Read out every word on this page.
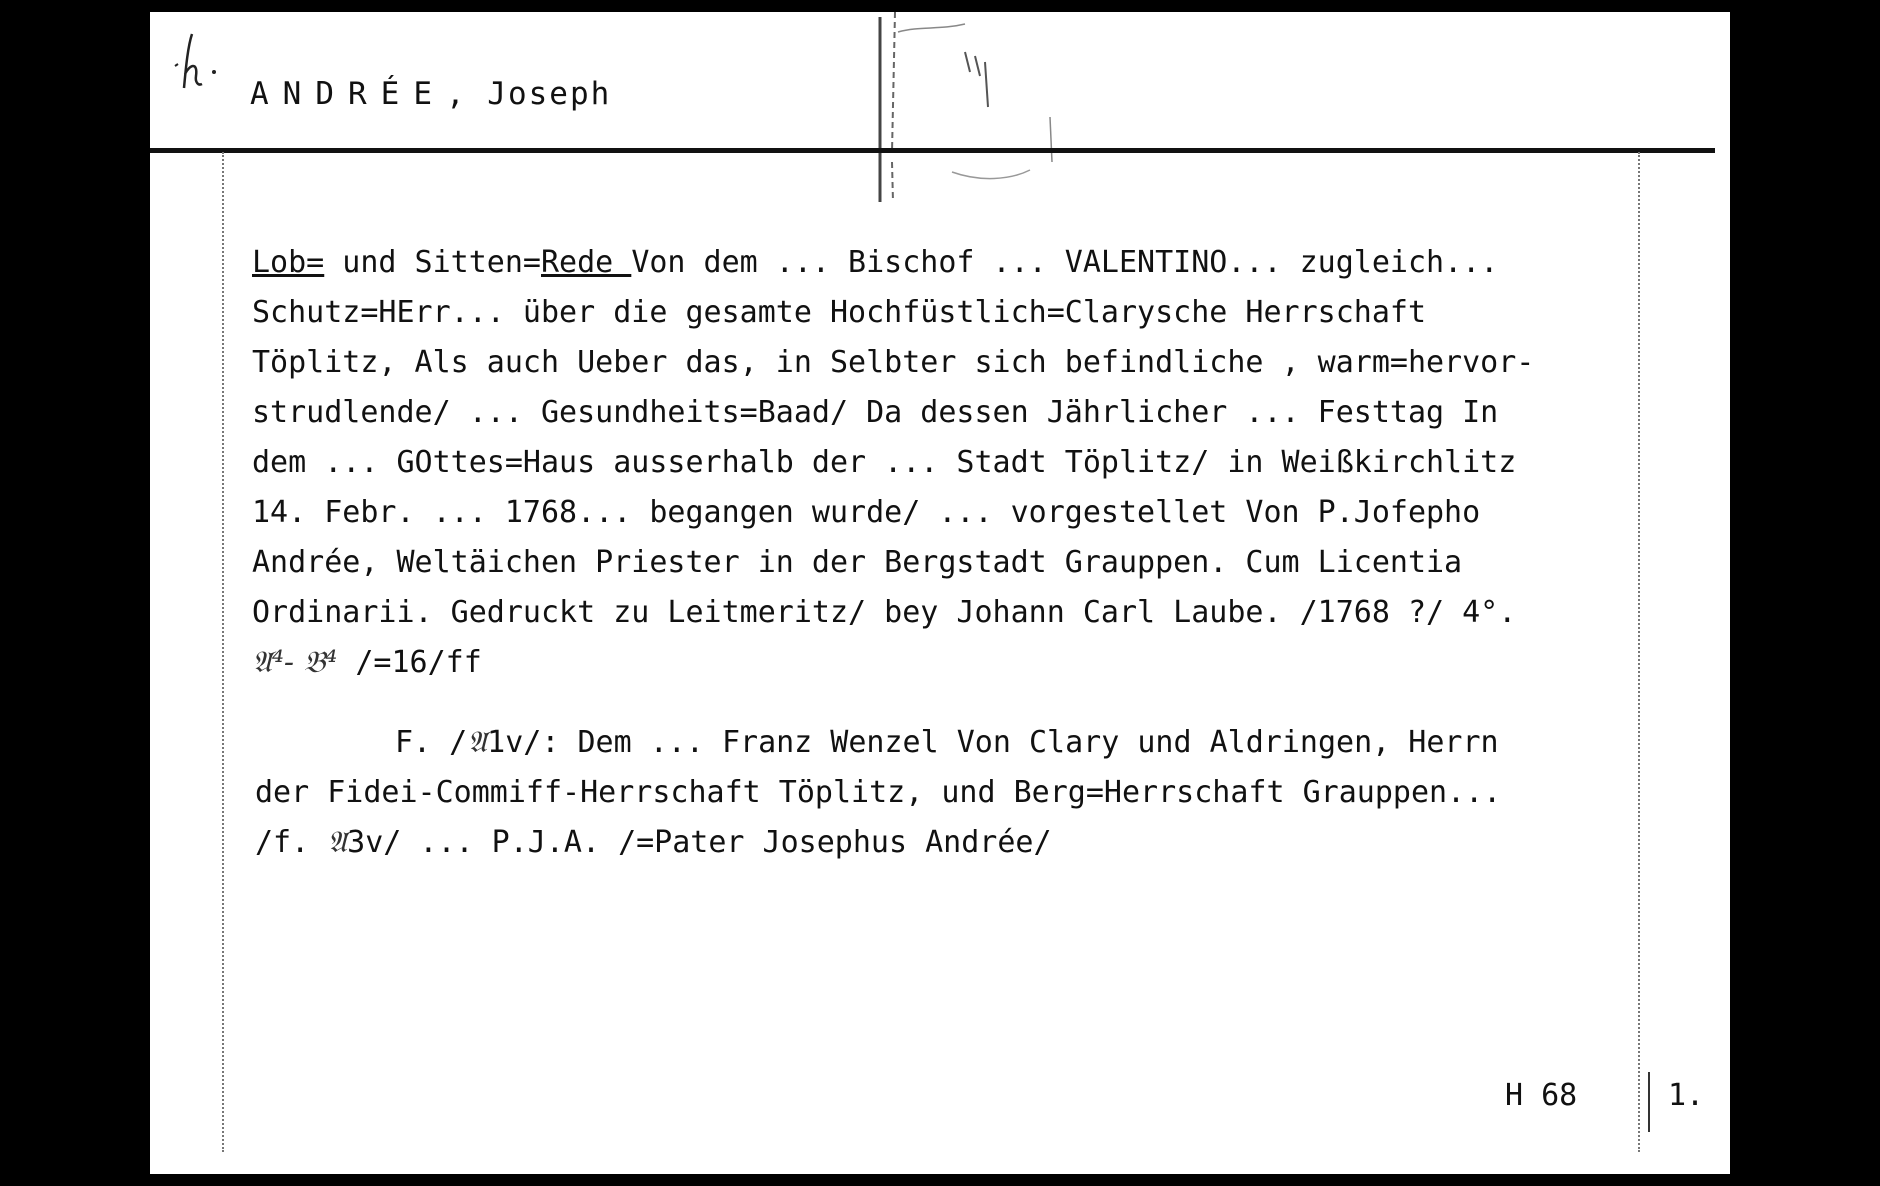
ANDRÉE, Joseph
Lob= und Sitten=Rede Von dem ... Bischof ... VALENTINO... zugleich...
Schutz=HErr... über die gesamte Hochfüstlich=Clarysche Herrschaft
Töplitz, Als auch Ueber das, in Selbter sich befindliche , warm=hervor-
strudlende/ ... Gesundheits=Baad/ Da dessen Jährlicher ... Festtag In
dem ... GOttes=Haus ausserhalb der ... Stadt Töplitz/ in Weißkirchlitz
14. Febr. ... 1768... begangen wurde/ ... vorgestellet Von P.Jofepho
Andrée, Weltäichen Priester in der Bergstadt Grauppen. Cum Licentia
Ordinarii. Gedruckt zu Leitmeritz/ bey Johann Carl Laube. /1768 ?/ 4°.
𝔄⁴- 𝔅⁴ /=16/ff
F. /𝔄1v/: Dem ... Franz Wenzel Von Clary und Aldringen, Herrn
der Fidei-Commiff-Herrschaft Töplitz, und Berg=Herrschaft Grauppen...
/f. 𝔄3v/ ... P.J.A. /=Pater Josephus Andrée/
H 68	1.
